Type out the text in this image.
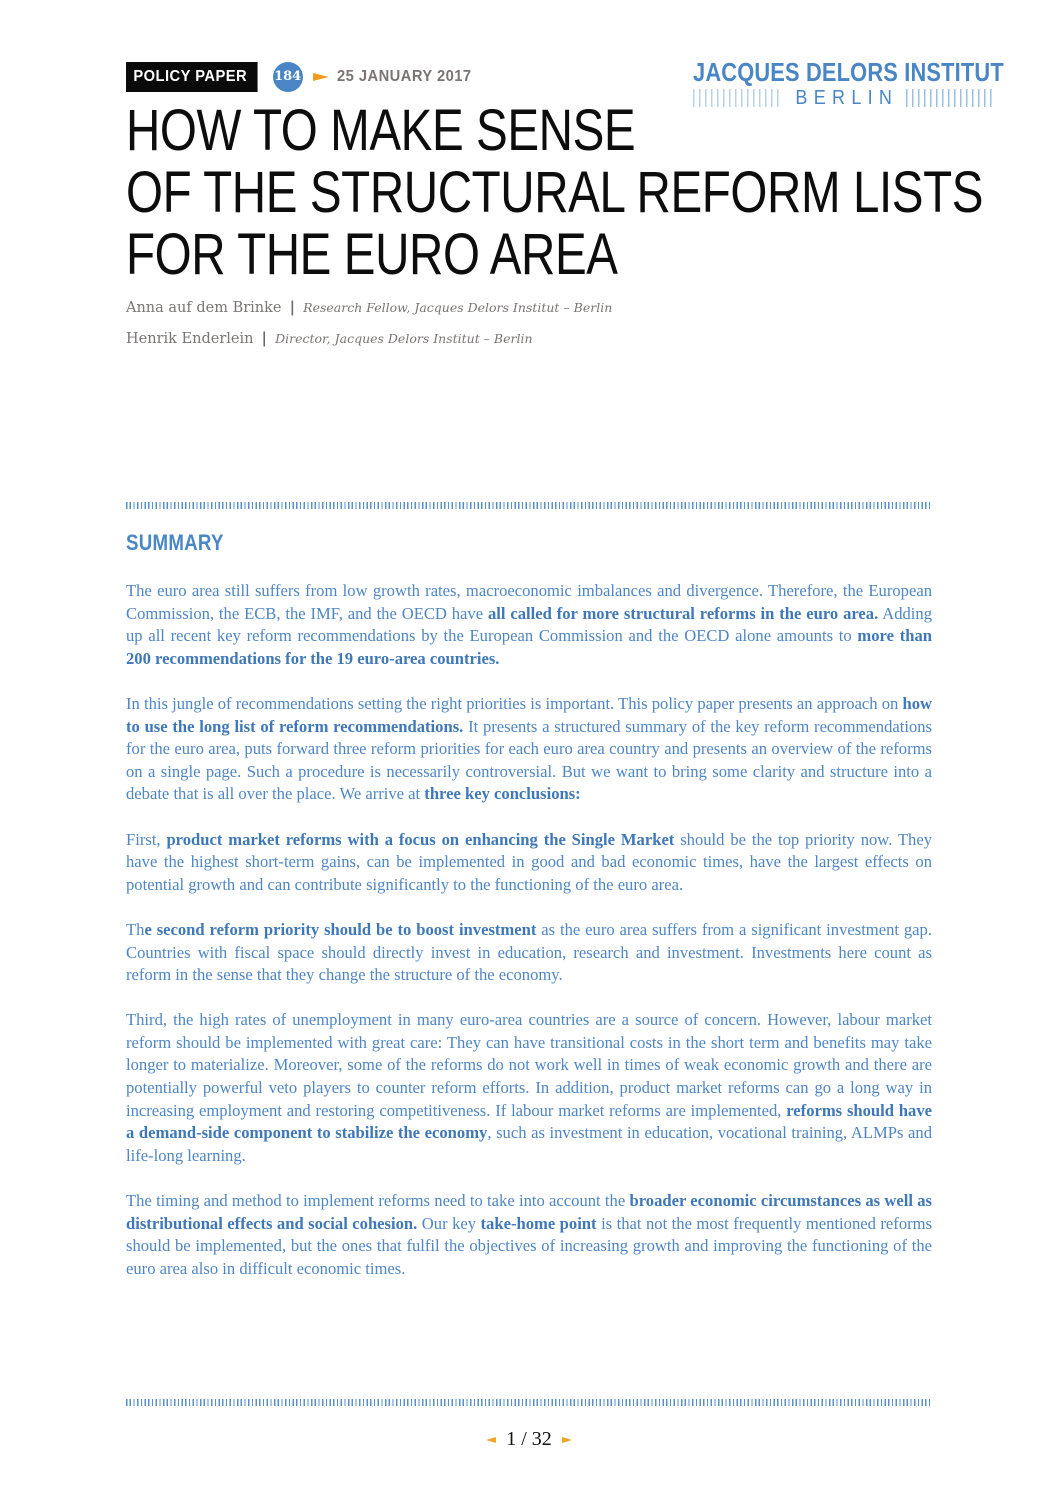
POLICY PAPER	184 25 JANUARY 2017	JACQUES DELORS INSTITUT
BERLIN
HOW TO MAKE SENSE
OF THE STRUCTURAL REFORM LISTS
FOR THE EURO AREA
Anna auf dem Brinke | Research Fellow, Jacques Delors Institut – Berlin
Henrik Enderlein | Director, Jacques Delors Institut – Berlin
SUMMARY

The euro area still suffers from low growth rates, macroeconomic imbalances and divergence. Therefore, the European Commission, the ECB, the IMF, and the OECD have all called for more structural reforms in the euro area. Adding up all recent key reform recommendations by the European Commission and the OECD alone amounts to more than 200 recommendations for the 19 euro-area countries.

In this jungle of recommendations setting the right priorities is important. This policy paper presents an approach on how to use the long list of reform recommendations. It presents a structured summary of the key reform recommendations for the euro area, puts forward three reform priorities for each euro area country and presents an overview of the reforms on a single page. Such a procedure is necessarily controversial. But we want to bring some clarity and structure into a debate that is all over the place. We arrive at three key conclusions:

First, product market reforms with a focus on enhancing the Single Market should be the top priority now. They have the highest short-term gains, can be implemented in good and bad economic times, have the largest effects on potential growth and can contribute significantly to the functioning of the euro area.

The second reform priority should be to boost investment as the euro area suffers from a significant investment gap. Countries with fiscal space should directly invest in education, research and investment. Investments here count as reform in the sense that they change the structure of the economy.

Third, the high rates of unemployment in many euro-area countries are a source of concern. However, labour market reform should be implemented with great care: They can have transitional costs in the short term and benefits may take longer to materialize. Moreover, some of the reforms do not work well in times of weak economic growth and there are potentially powerful veto players to counter reform efforts. In addition, product market reforms can go a long way in increasing employment and restoring competitiveness. If labour market reforms are implemented, reforms should have a demand-side component to stabilize the economy, such as investment in education, vocational training, ALMPs and life-long learning.

The timing and method to implement reforms need to take into account the broader economic circumstances as well as distributional effects and social cohesion. Our key take-home point is that not the most frequently mentioned reforms should be implemented, but the ones that fulfil the objectives of increasing growth and improving the functioning of the euro area also in difficult economic times.

1 / 32
